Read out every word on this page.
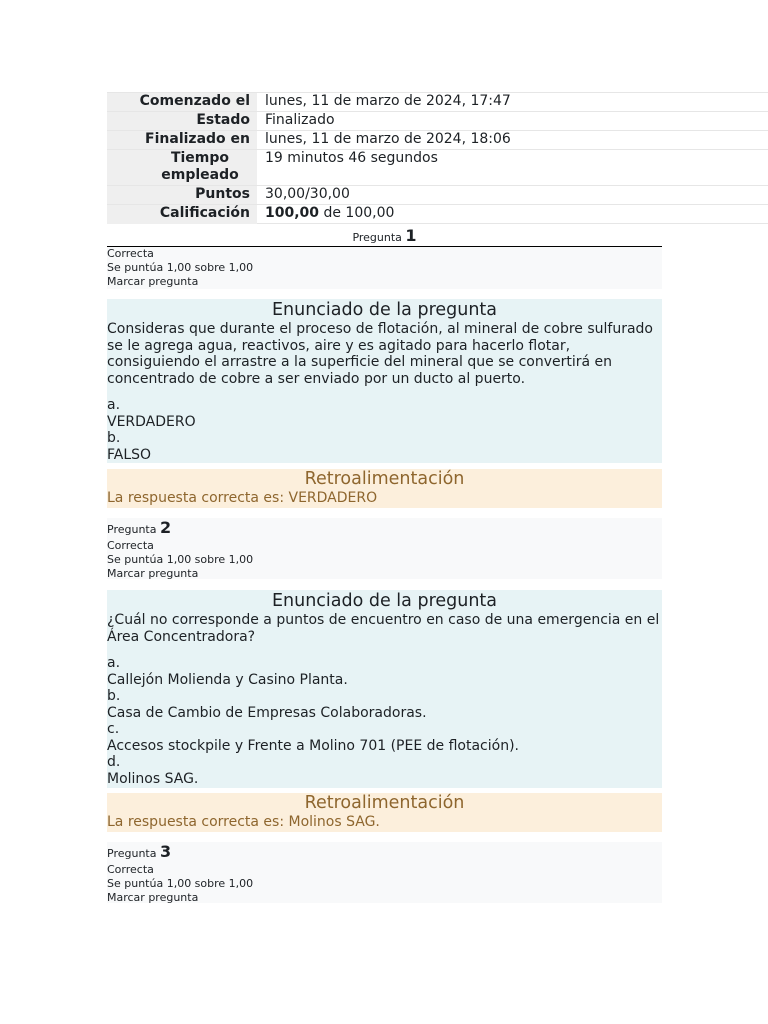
Comenzado el	lunes, 11 de marzo de 2024, 17:47
Estado	Finalizado
Finalizado en	lunes, 11 de marzo de 2024, 18:06
Tiempo empleado	19 minutos 46 segundos
Puntos	30,00/30,00
Calificación	100,00 de 100,00
Pregunta 1
Correcta
Se puntúa 1,00 sobre 1,00
Marcar pregunta
Enunciado de la pregunta

Consideras que durante el proceso de flotación, al mineral de cobre sulfurado se le agrega agua, reactivos, aire y es agitado para hacerlo flotar, consiguiendo el arrastre a la superficie del mineral que se convertirá en concentrado de cobre a ser enviado por un ducto al puerto.

a.
VERDADERO
b.
FALSO
Retroalimentación
La respuesta correcta es: VERDADERO
Pregunta 2
Correcta
Se puntúa 1,00 sobre 1,00
Marcar pregunta
Enunciado de la pregunta

¿Cuál no corresponde a puntos de encuentro en caso de una emergencia en el Área Concentradora?

a.
Callejón Molienda y Casino Planta.
b.
Casa de Cambio de Empresas Colaboradoras.
c.
Accesos stockpile y Frente a Molino 701 (PEE de flotación).
d.
Molinos SAG.
Retroalimentación
La respuesta correcta es: Molinos SAG.
Pregunta 3
Correcta
Se puntúa 1,00 sobre 1,00
Marcar pregunta
